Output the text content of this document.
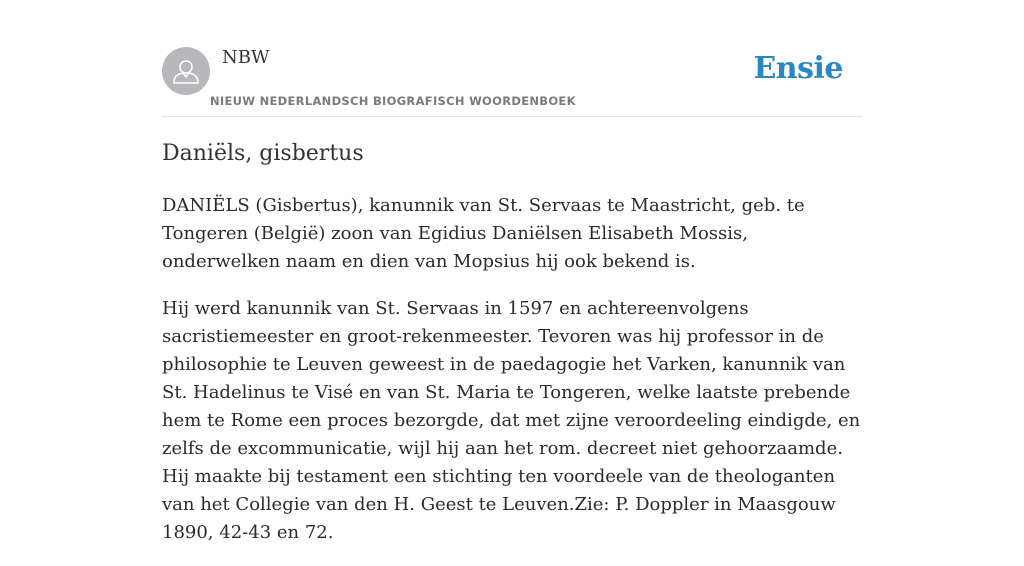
NBW
NIEUW NEDERLANDSCH BIOGRAFISCH WOORDENBOEK
Ensie
Daniëls, gisbertus

DANIËLS (Gisbertus), kanunnik van St. Servaas te Maastricht, geb. te Tongeren (België) zoon van Egidius Daniëlsen Elisabeth Mossis, onderwelken naam en dien van Mopsius hij ook bekend is.

Hij werd kanunnik van St. Servaas in 1597 en achtereenvolgens sacristiemeester en groot-rekenmeester. Tevoren was hij professor in de philosophie te Leuven geweest in de paedagogie het Varken, kanunnik van St. Hadelinus te Visé en van St. Maria te Tongeren, welke laatste prebende hem te Rome een proces bezorgde, dat met zijne veroordeeling eindigde, en zelfs de excommunicatie, wijl hij aan het rom. decreet niet gehoorzaamde. Hij maakte bij testament een stichting ten voordeele van de theologanten van het Collegie van den H. Geest te Leuven.Zie: P. Doppler in Maasgouw 1890, 42-43 en 72.
